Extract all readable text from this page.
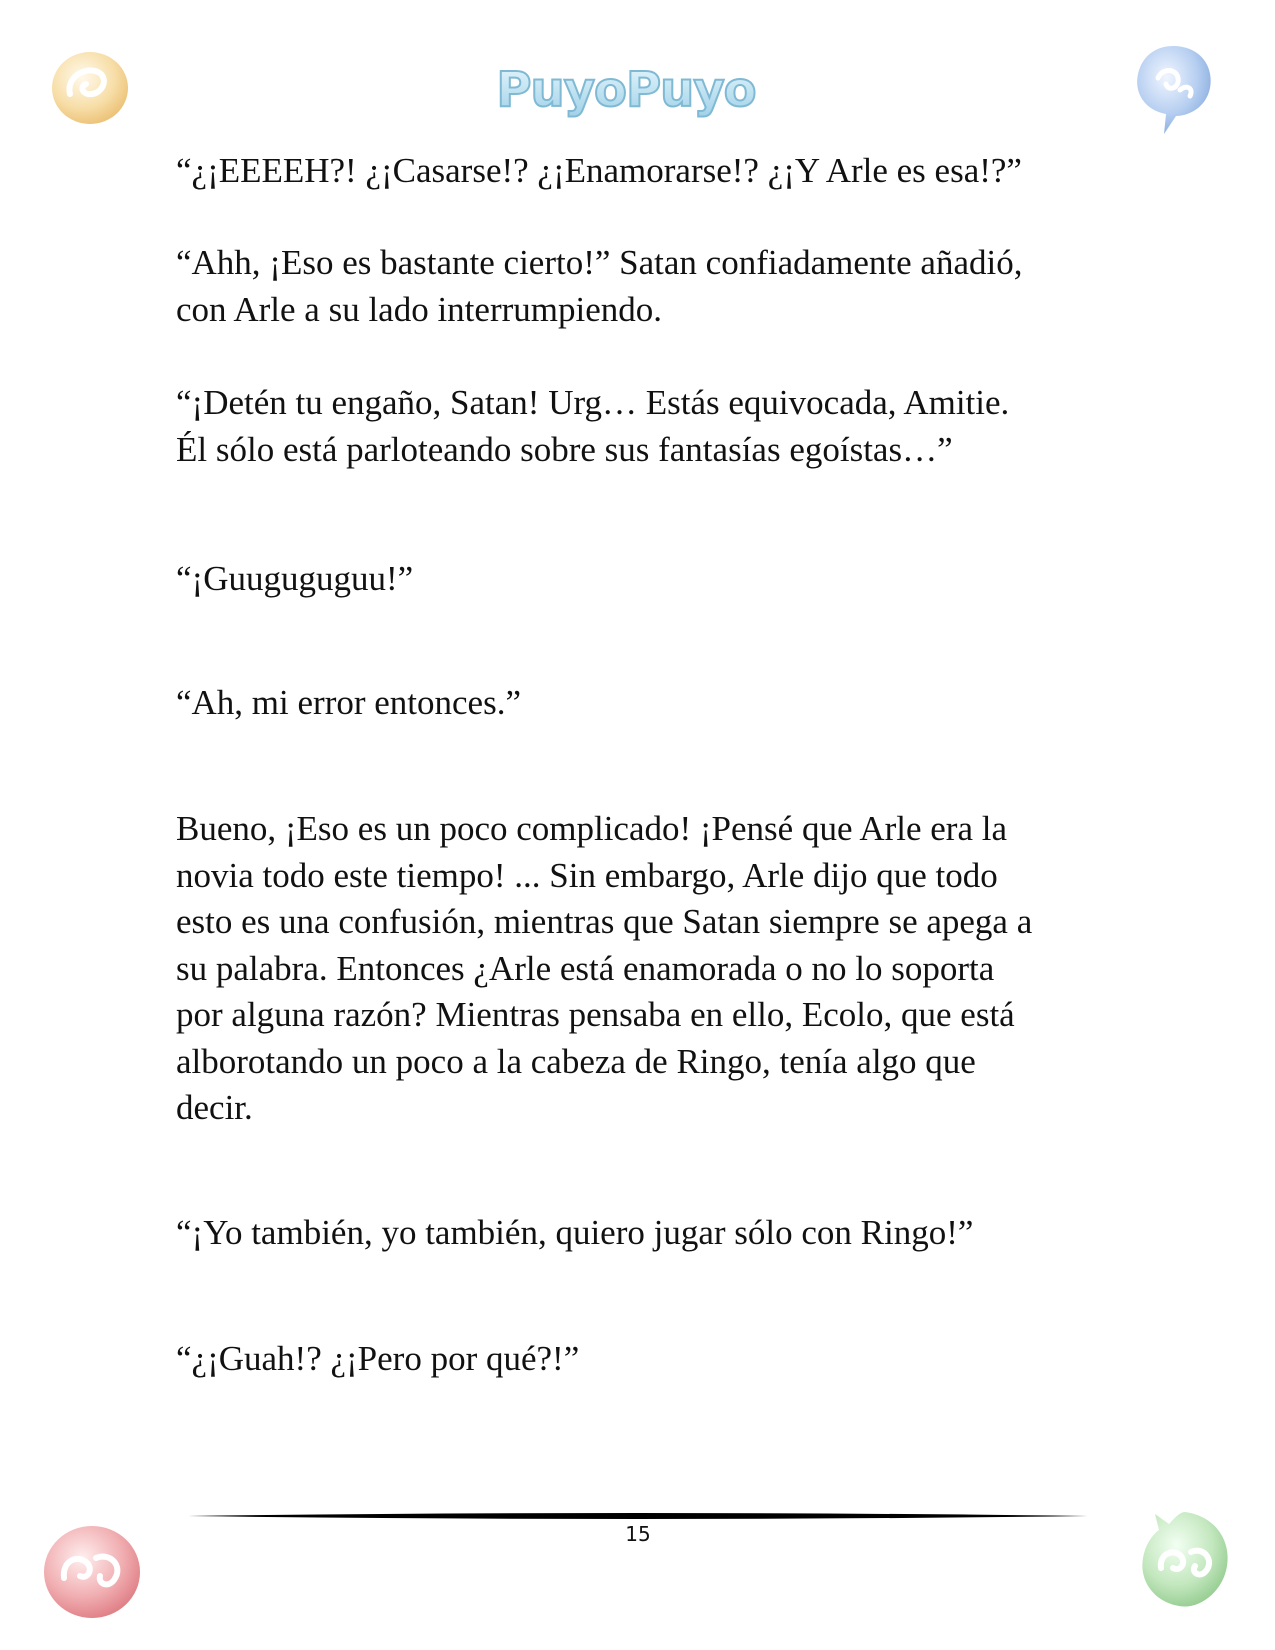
PuyoPuyo

“¿¡EEEEH?! ¿¡Casarse!? ¿¡Enamorarse!? ¿¡Y Arle es esa!?”

“Ahh, ¡Eso es bastante cierto!” Satan confiadamente añadió,
con Arle a su lado interrumpiendo.

“¡Detén tu engaño, Satan! Urg… Estás equivocada, Amitie.
Él sólo está parloteando sobre sus fantasías egoístas…”

“¡Guuguguguu!”

“Ah, mi error entonces.”

Bueno, ¡Eso es un poco complicado! ¡Pensé que Arle era la
novia todo este tiempo! ... Sin embargo, Arle dijo que todo
esto es una confusión, mientras que Satan siempre se apega a
su palabra. Entonces ¿Arle está enamorada o no lo soporta
por alguna razón? Mientras pensaba en ello, Ecolo, que está
alborotando un poco a la cabeza de Ringo, tenía algo que
decir.

“¡Yo también, yo también, quiero jugar sólo con Ringo!”

“¿¡Guah!? ¿¡Pero por qué?!”

15
